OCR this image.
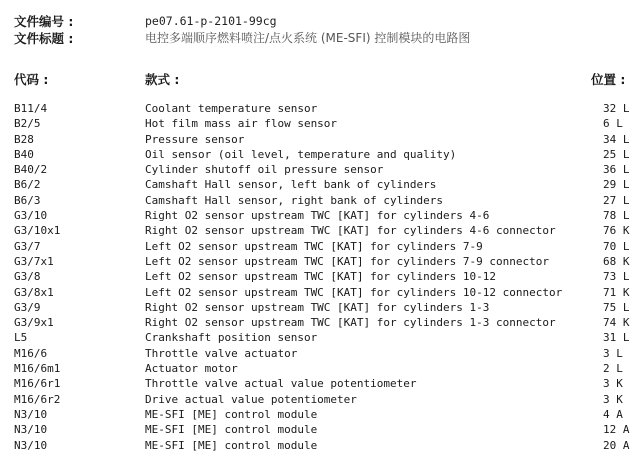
文件编号 :	pe07.61-p-2101-99cg
文件标题 :	电控多端顺序燃料喷注/点火系统 (ME-SFI) 控制模块的电路图
代码 :	款式 :	位置 :
B11/4	Coolant temperature sensor	32 L
B2/5	Hot film mass air flow sensor	6 L
B28	Pressure sensor	34 L
B40	Oil sensor (oil level, temperature and quality)	25 L
B40/2	Cylinder shutoff oil pressure sensor	36 L
B6/2	Camshaft Hall sensor, left bank of cylinders	29 L
B6/3	Camshaft Hall sensor, right bank of cylinders	27 L
G3/10	Right O2 sensor upstream TWC [KAT] for cylinders 4-6	78 L
G3/10x1	Right O2 sensor upstream TWC [KAT] for cylinders 4-6 connector	76 K
G3/7	Left O2 sensor upstream TWC [KAT] for cylinders 7-9	70 L
G3/7x1	Left O2 sensor upstream TWC [KAT] for cylinders 7-9 connector	68 K
G3/8	Left O2 sensor upstream TWC [KAT] for cylinders 10-12	73 L
G3/8x1	Left O2 sensor upstream TWC [KAT] for cylinders 10-12 connector	71 K
G3/9	Right O2 sensor upstream TWC [KAT] for cylinders 1-3	75 L
G3/9x1	Right O2 sensor upstream TWC [KAT] for cylinders 1-3 connector	74 K
L5	Crankshaft position sensor	31 L
M16/6	Throttle valve actuator	3 L
M16/6m1	Actuator motor	2 L
M16/6r1	Throttle valve actual value potentiometer	3 K
M16/6r2	Drive actual value potentiometer	3 K
N3/10	ME-SFI [ME] control module	4 A
N3/10	ME-SFI [ME] control module	12 A
N3/10	ME-SFI [ME] control module	20 A
